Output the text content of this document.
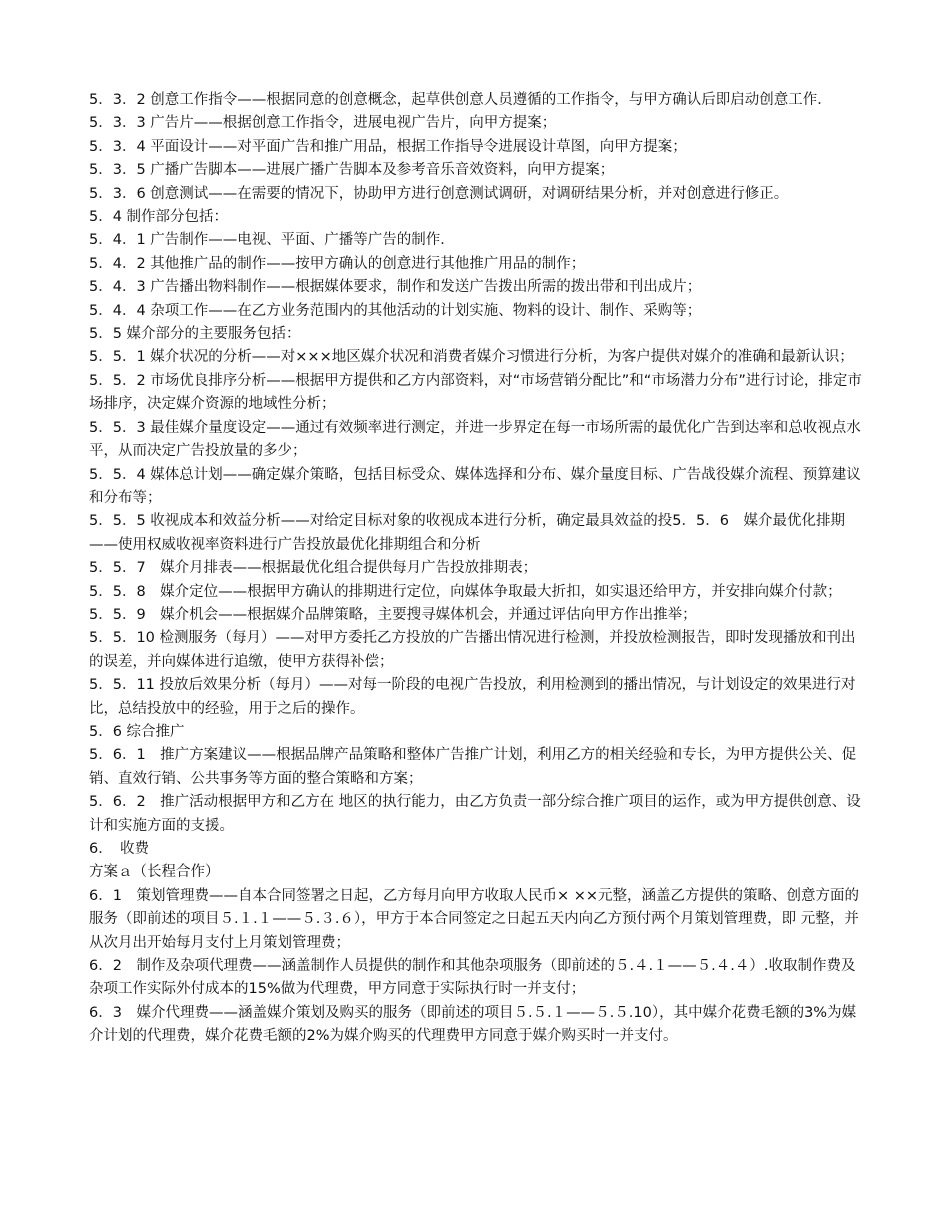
5．3．2 创意工作指令——根据同意的创意概念，起草供创意人员遵循的工作指令，与甲方确认后即启动创意工作．

5．3．3 广告片——根据创意工作指令，进展电视广告片，向甲方提案；

5．3．4 平面设计——对平面广告和推广用品，根据工作指导令进展设计草图，向甲方提案；

5．3．5 广播广告脚本——进展广播广告脚本及参考音乐音效资料，向甲方提案；

5．3．6 创意测试——在需要的情况下，协助甲方进行创意测试调研，对调研结果分析，并对创意进行修正。

5．4 制作部分包括：

5．4．1 广告制作——电视、平面、广播等广告的制作．

5．4．2 其他推广品的制作——按甲方确认的创意进行其他推广用品的制作；

5．4．3 广告播出物料制作——根据媒体要求，制作和发送广告拨出所需的拨出带和刊出成片；

5．4．4 杂项工作——在乙方业务范围内的其他活动的计划实施、物料的设计、制作、采购等；

5．5 媒介部分的主要服务包括：

5．5．1 媒介状况的分析——对×××地区媒介状况和消费者媒介习惯进行分析，为客户提供对媒介的准确和最新认识；

5．5．2 市场优良排序分析——根据甲方提供和乙方内部资料，对“市场营销分配比”和“市场潜力分布”进行讨论，排定市场排序，决定媒介资源的地域性分析；

5．5．3 最佳媒介量度设定——通过有效频率进行测定，并进一步界定在每一市场所需的最优化广告到达率和总收视点水平，从而决定广告投放量的多少；

5．5．4 媒体总计划——确定媒介策略，包括目标受众、媒体选择和分布、媒介量度目标、广告战役媒介流程、预算建议和分布等；

5．5．5 收视成本和效益分析——对给定目标对象的收视成本进行分析，确定最具效益的投5．5．6　媒介最优化排期——使用权威收视率资料进行广告投放最优化排期组合和分析

5．5．7　媒介月排表——根据最优化组合提供每月广告投放排期表；

5．5．8　媒介定位——根据甲方确认的排期进行定位，向媒体争取最大折扣，如实退还给甲方，并安排向媒介付款；

5．5．9　媒介机会——根据媒介品牌策略，主要搜寻媒体机会，并通过评估向甲方作出推举；

5．5．10 检测服务（每月）——对甲方委托乙方投放的广告播出情况进行检测，并投放检测报告，即时发现播放和刊出的误差，并向媒体进行追缴，使甲方获得补偿；

5．5．11 投放后效果分析（每月）——对每一阶段的电视广告投放，利用检测到的播出情况，与计划设定的效果进行对比，总结投放中的经验，用于之后的操作。

5．6 综合推广

5．6．1　推广方案建议——根据品牌产品策略和整体广告推广计划，利用乙方的相关经验和专长，为甲方提供公关、促销、直效行销、公共事务等方面的整合策略和方案；

5．6．2　推广活动根据甲方和乙方在 地区的执行能力，由乙方负责一部分综合推广项目的运作，或为甲方提供创意、设计和实施方面的支援。

6．　收费

方案ａ（长程合作）

6．1　策划管理费——自本合同签署之日起，乙方每月向甲方收取人民币× ××元整，涵盖乙方提供的策略、创意方面的服务（即前述的项目５.１.１——５.３.６），甲方于本合同签定之日起五天内向乙方预付两个月策划管理费，即 元整，并从次月出开始每月支付上月策划管理费；

6．2　制作及杂项代理费——涵盖制作人员提供的制作和其他杂项服务（即前述的５.４.１——５.４.４）.收取制作费及杂项工作实际外付成本的15%做为代理费，甲方同意于实际执行时一并支付；

6．3　媒介代理费——涵盖媒介策划及购买的服务（即前述的项目５.５.１——５.５.10），其中媒介花费毛额的3%为媒介计划的代理费，媒介花费毛额的2%为媒介购买的代理费甲方同意于媒介购买时一并支付。
